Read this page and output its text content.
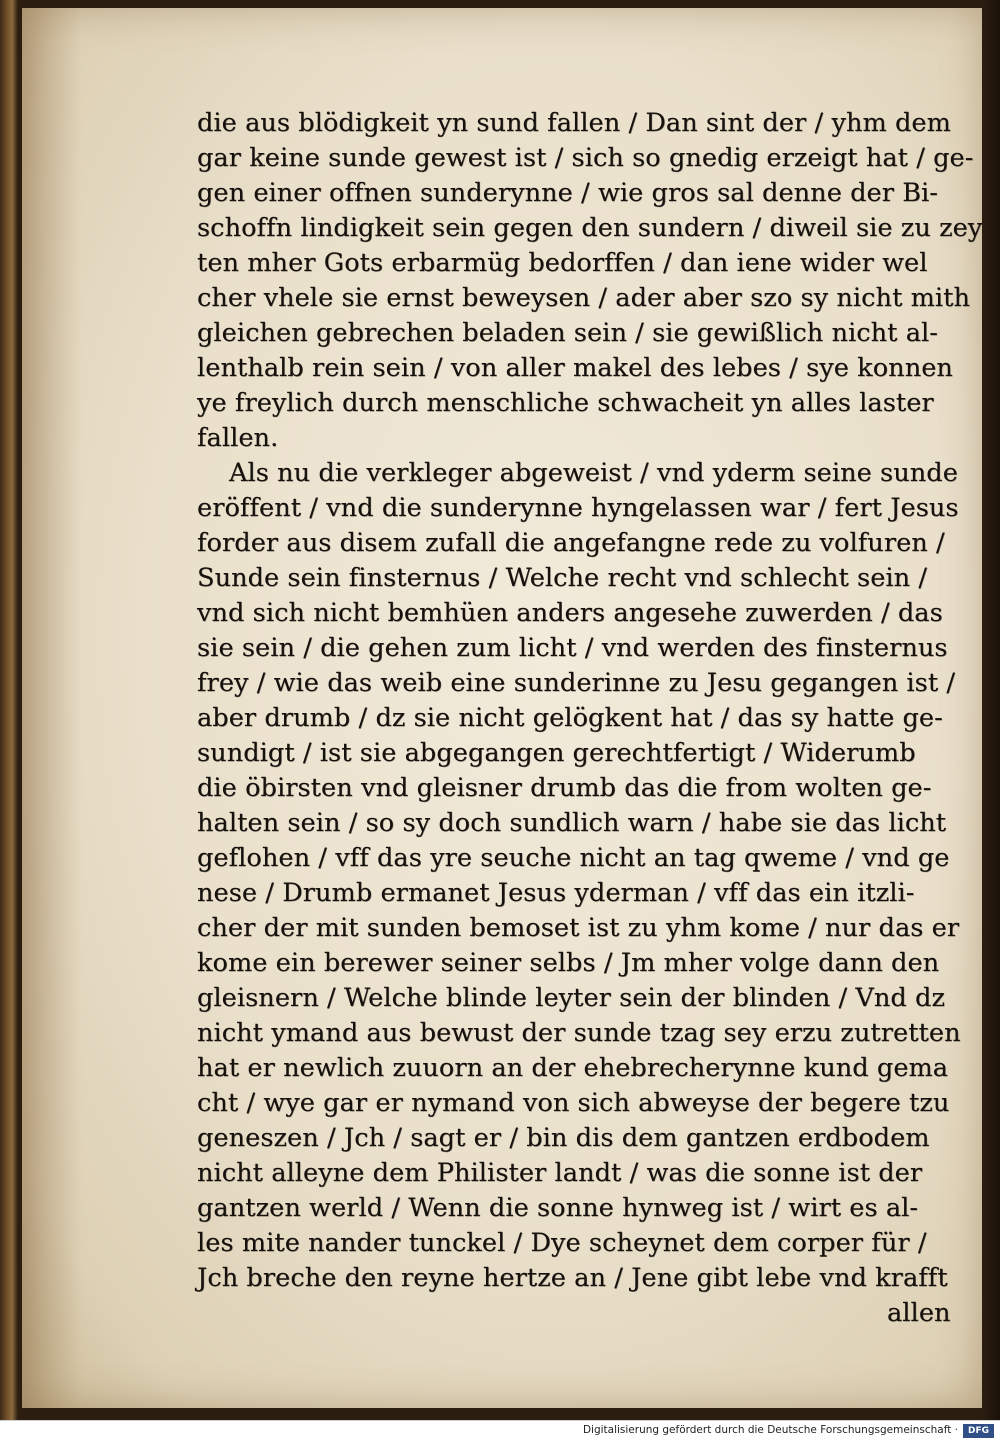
die aus blödigkeit yn sund fallen / Dan sint der / yhm dem
gar keine sunde gewest ist / sich so gnedig erzeigt hat / ge-
gen einer offnen sunderynne / wie gros sal denne der Bi-
schoffn lindigkeit sein gegen den sundern / diweil sie zu zey
ten mher Gots erbarmüg bedorffen / dan iene wider wel
cher vhele sie ernst beweysen / ader aber szo sy nicht mith
gleichen gebrechen beladen sein / sie gewißlich nicht al-
lenthalb rein sein / von aller makel des lebes / sye konnen
ye freylich durch menschliche schwacheit yn alles laster
fallen.
Als nu die verkleger abgeweist / vnd yderm seine sunde
eröffent / vnd die sunderynne hyngelassen war / fert Jesus
forder aus disem zufall die angefangne rede zu volfuren /
Sunde sein finsternus / Welche recht vnd schlecht sein /
vnd sich nicht bemhüen anders angesehe zuwerden / das
sie sein / die gehen zum licht / vnd werden des finsternus
frey / wie das weib eine sunderinne zu Jesu gegangen ist /
aber drumb / dz sie nicht gelögkent hat / das sy hatte ge-
sundigt / ist sie abgegangen gerechtfertigt / Widerumb
die öbirsten vnd gleisner drumb das die from wolten ge-
halten sein / so sy doch sundlich warn / habe sie das licht
geflohen / vff das yre seuche nicht an tag qweme / vnd ge
nese / Drumb ermanet Jesus yderman / vff das ein itzli-
cher der mit sunden bemoset ist zu yhm kome / nur das er
kome ein berewer seiner selbs / Jm mher volge dann den
gleisnern / Welche blinde leyter sein der blinden / Vnd dz
nicht ymand aus bewust der sunde tzag sey erzu zutretten
hat er newlich zuuorn an der ehebrecherynne kund gema
cht / wye gar er nymand von sich abweyse der begere tzu
geneszen / Jch / sagt er / bin dis dem gantzen erdbodem
nicht alleyne dem Philister landt / was die sonne ist der
gantzen werld / Wenn die sonne hynweg ist / wirt es al-
les mite nander tunckel / Dye scheynet dem corper für /
Jch breche den reyne hertze an / Jene gibt lebe vnd krafft
allen
Digitalisierung gefördert durch die Deutsche Forschungsgemeinschaft ·	DFG
